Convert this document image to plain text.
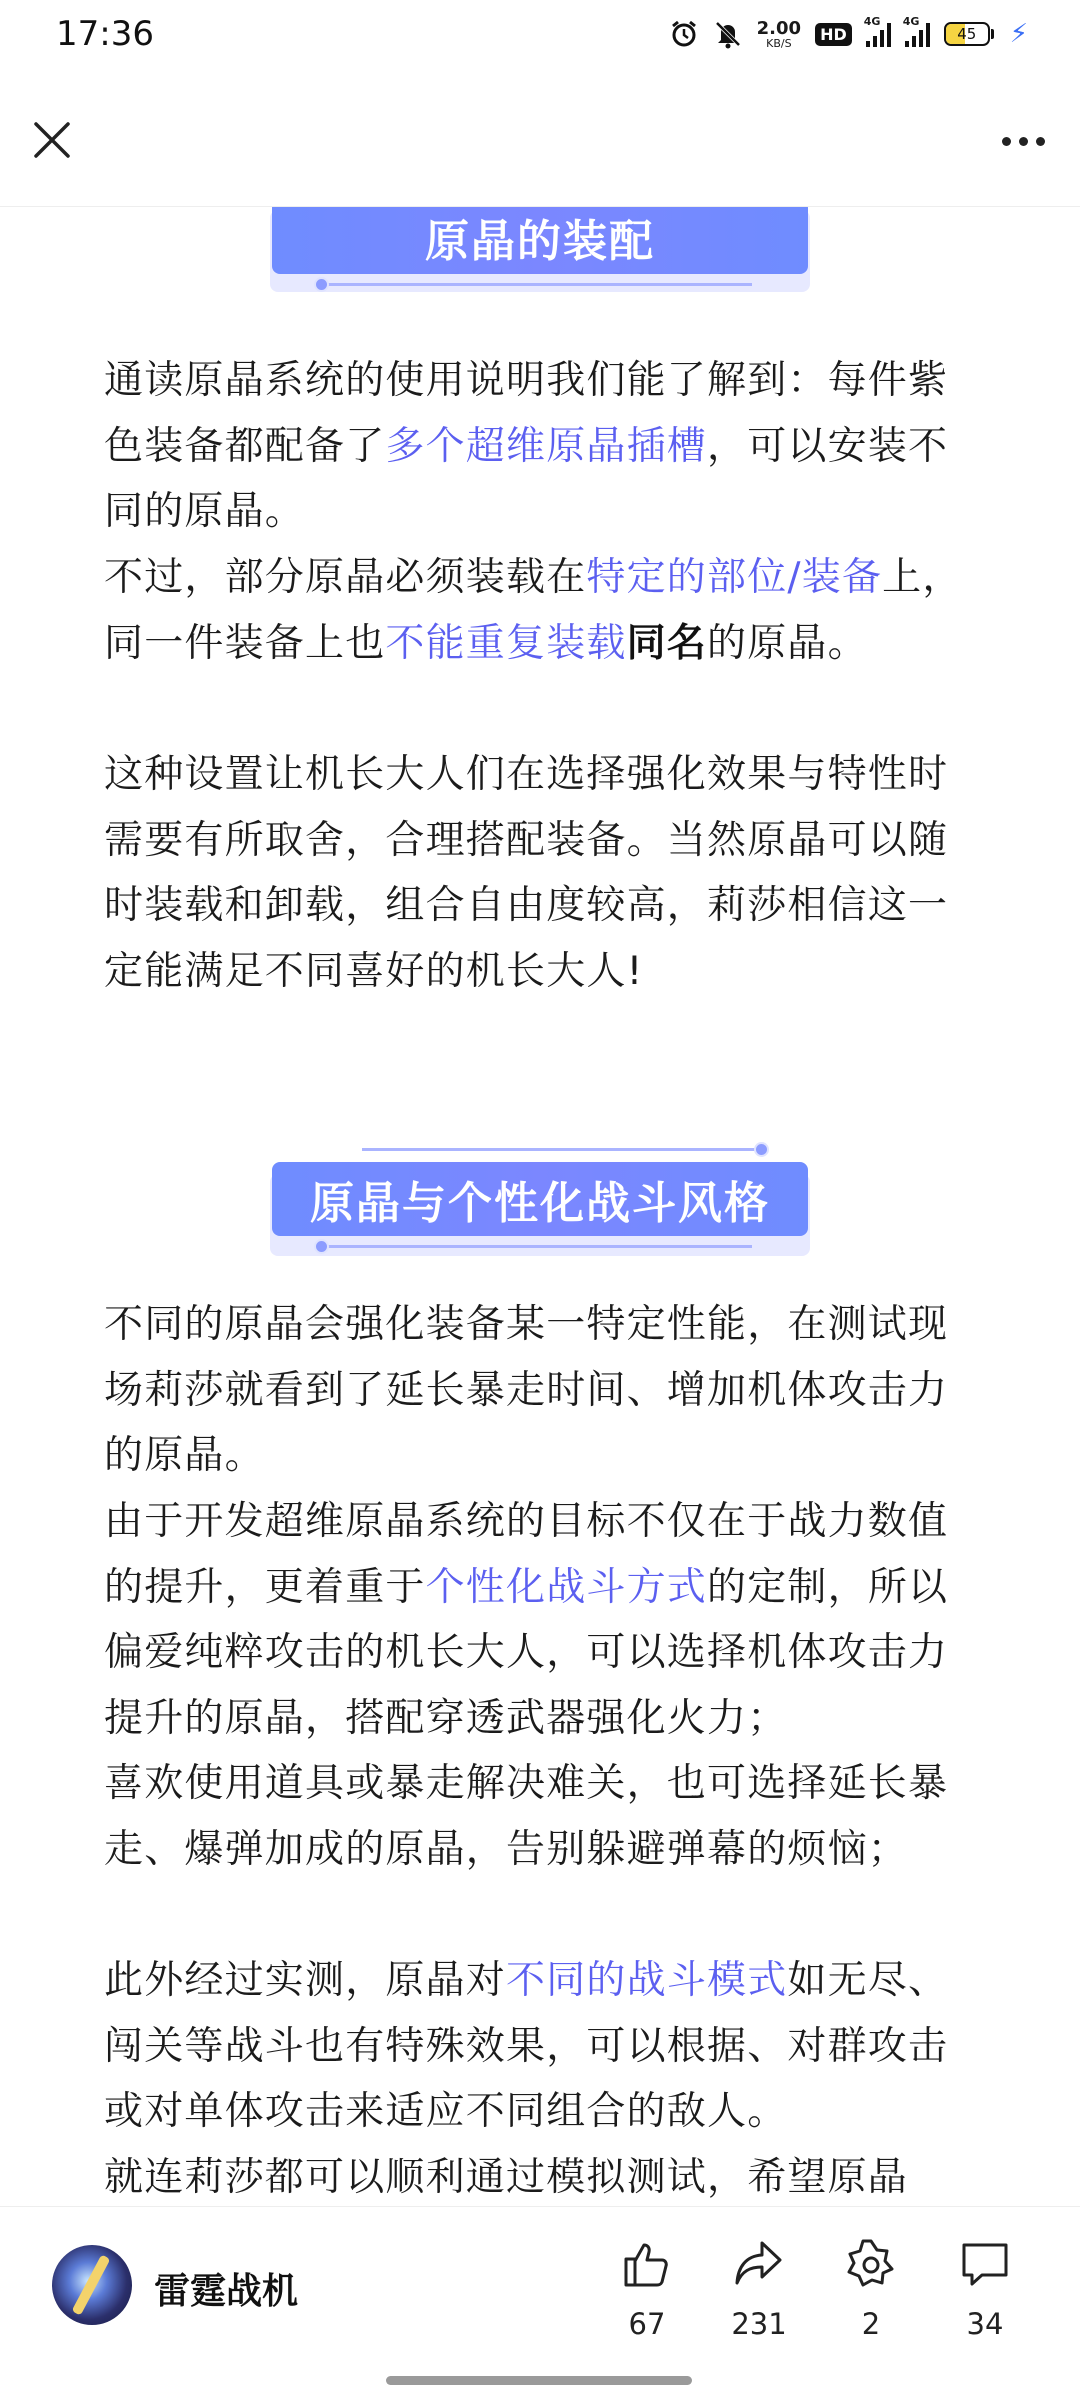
17:36	2.00
KB/S	HD
4G 4G
45	⚡
原晶的装配

通读原晶系统的使用说明我们能了解到：每件紫色装备都配备了多个超维原晶插槽，可以安装不同的原晶。

不过，部分原晶必须装载在特定的部位/装备上，同一件装备上也不能重复装载同名的原晶。

这种设置让机长大人们在选择强化效果与特性时需要有所取舍，合理搭配装备。当然原晶可以随时装载和卸载，组合自由度较高，莉莎相信这一定能满足不同喜好的机长大人!

原晶与个性化战斗风格

不同的原晶会强化装备某一特定性能，在测试现场莉莎就看到了延长暴走时间、增加机体攻击力的原晶。

由于开发超维原晶系统的目标不仅在于战力数值的提升，更着重于个性化战斗方式的定制，所以偏爱纯粹攻击的机长大人，可以选择机体攻击力提升的原晶，搭配穿透武器强化火力；

喜欢使用道具或暴走解决难关，也可选择延长暴走、爆弹加成的原晶，告别躲避弹幕的烦恼；

此外经过实测，原晶对不同的战斗模式如无尽、闯关等战斗也有特殊效果，可以根据、对群攻击或对单体攻击来适应不同组合的敌人。

就连莉莎都可以顺利通过模拟测试，希望原晶

雷霆战机
67 231	2	34
